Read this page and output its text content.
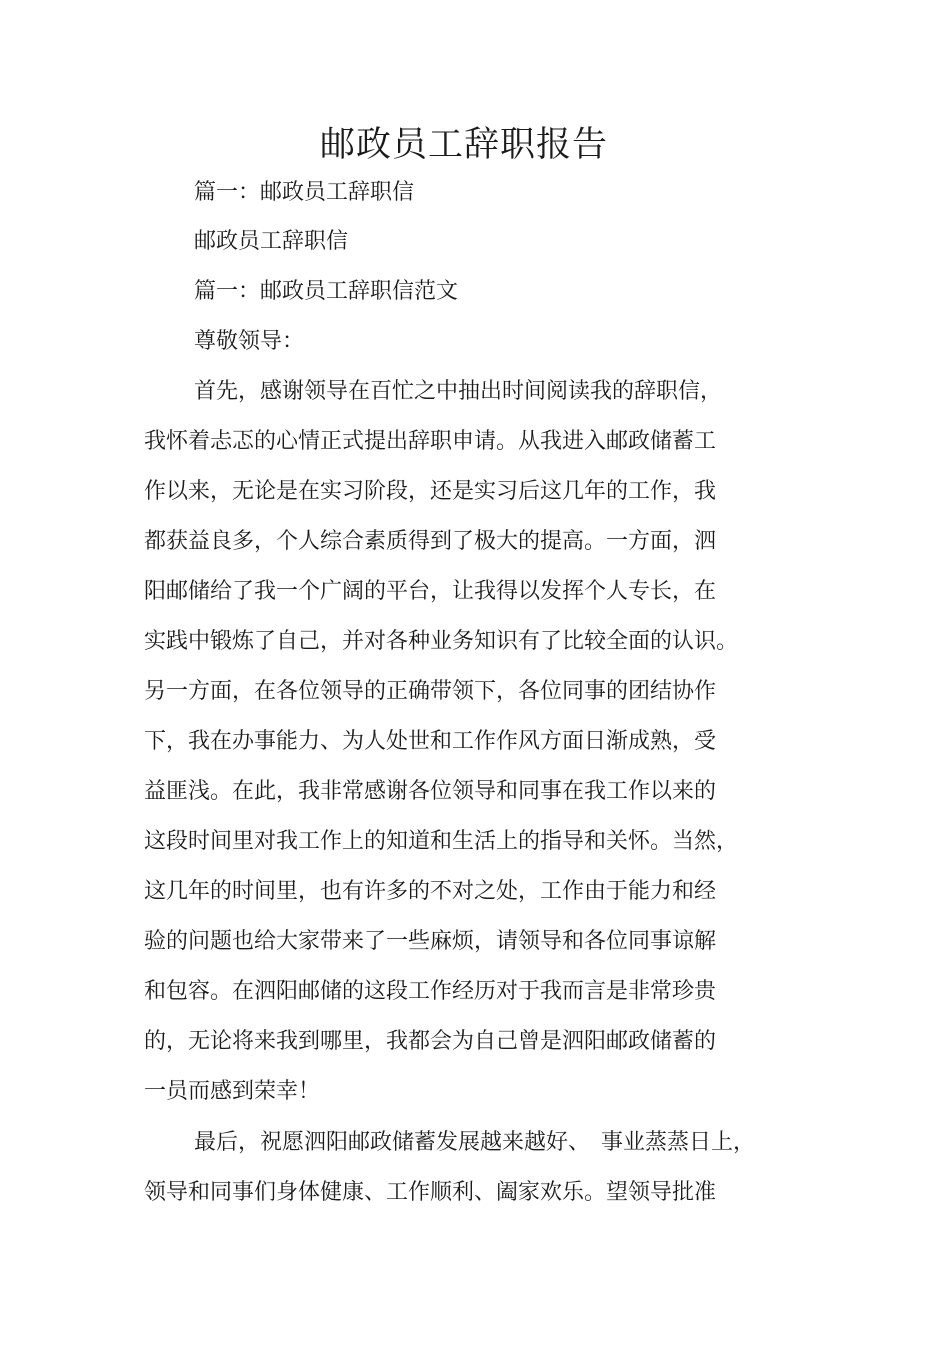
邮政员工辞职报告

篇一：邮政员工辞职信

邮政员工辞职信

篇一：邮政员工辞职信范文

尊敬领导：

首先，感谢领导在百忙之中抽出时间阅读我的辞职信，

我怀着忐忑的心情正式提出辞职申请。从我进入邮政储蓄工

作以来，无论是在实习阶段，还是实习后这几年的工作，我

都获益良多，个人综合素质得到了极大的提高。一方面，泗

阳邮储给了我一个广阔的平台，让我得以发挥个人专长，在

实践中锻炼了自己，并对各种业务知识有了比较全面的认识。

另一方面，在各位领导的正确带领下，各位同事的团结协作

下，我在办事能力、为人处世和工作作风方面日渐成熟，受

益匪浅。在此，我非常感谢各位领导和同事在我工作以来的

这段时间里对我工作上的知道和生活上的指导和关怀。当然，

这几年的时间里，也有许多的不对之处，工作由于能力和经

验的问题也给大家带来了一些麻烦，请领导和各位同事谅解

和包容。在泗阳邮储的这段工作经历对于我而言是非常珍贵

的，无论将来我到哪里，我都会为自己曾是泗阳邮政储蓄的

一员而感到荣幸！

最后，祝愿泗阳邮政储蓄发展越来越好、　事业蒸蒸日上，

领导和同事们身体健康、工作顺利、阖家欢乐。望领导批准
